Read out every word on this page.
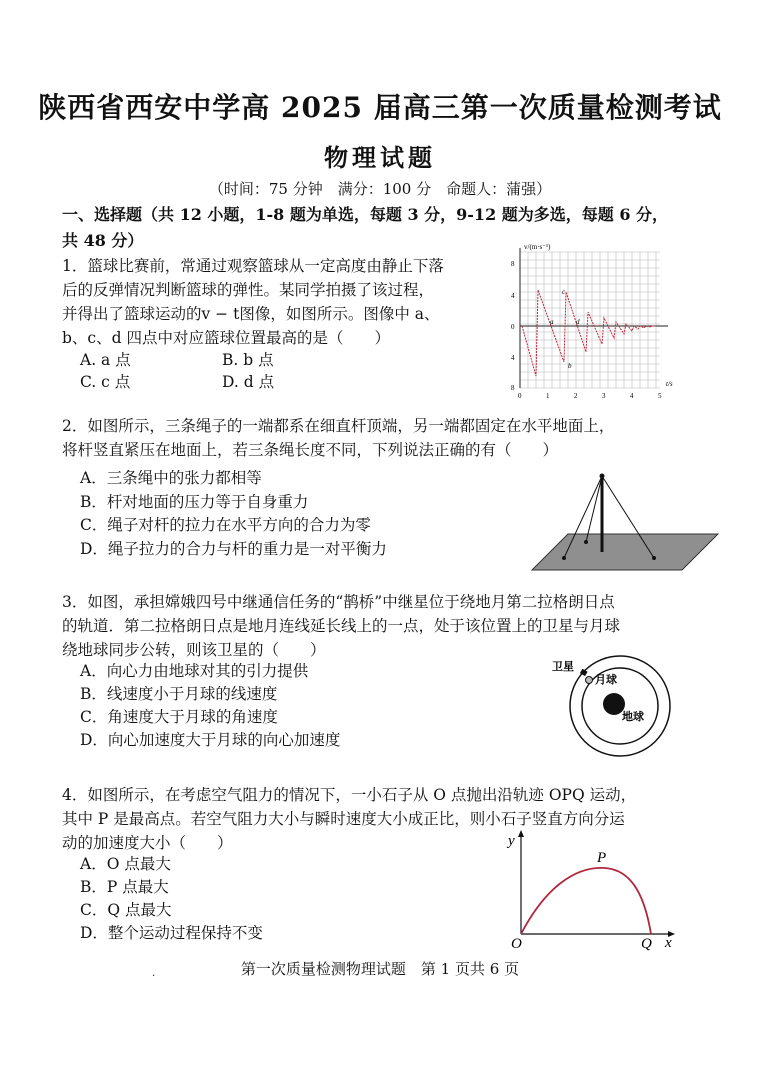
陕西省西安中学高 2025 届高三第一次质量检测考试
物理试题
（时间：75 分钟　满分：100 分　命题人：蒲强）
一、选择题（共 12 小题，1-8 题为单选，每题 3 分，9-12 题为多选，每题 6 分，
共 48 分）
1．篮球比赛前，常通过观察篮球从一定高度由静止下落
后的反弹情况判断篮球的弹性。某同学拍摄了该过程，
并得出了篮球运动的v − t图像，如图所示。图像中 a、
b、c、d 四点中对应篮球位置最高的是（　　）
A. a 点	B. b 点
C. c 点	D. d 点
v/(m·s⁻¹)
t/s
8
4
0
4
8
0	1	2	3	4	5
a
b
c
d
2．如图所示，三条绳子的一端都系在细直杆顶端，另一端都固定在水平地面上，
将杆竖直紧压在地面上，若三条绳长度不同，下列说法正确的有（　　）
A．三条绳中的张力都相等
B．杆对地面的压力等于自身重力
C．绳子对杆的拉力在水平方向的合力为零
D．绳子拉力的合力与杆的重力是一对平衡力
3．如图，承担嫦娥四号中继通信任务的“鹊桥”中继星位于绕地月第二拉格朗日点
的轨道．第二拉格朗日点是地月连线延长线上的一点，处于该位置上的卫星与月球
绕地球同步公转，则该卫星的（　　）
A．向心力由地球对其的引力提供
B．线速度小于月球的线速度
C．角速度大于月球的角速度
D．向心加速度大于月球的向心加速度
卫星
月球
地球
4．如图所示，在考虑空气阻力的情况下，一小石子从 O 点抛出沿轨迹 OPQ 运动，
其中 P 是最高点。若空气阻力大小与瞬时速度大小成正比，则小石子竖直方向分运
动的加速度大小（　　）
A．O 点最大
B．P 点最大
C．Q 点最大
D．整个运动过程保持不变
y
x
O
P
Q
.	第一次质量检测物理试题　第 1 页共 6 页
